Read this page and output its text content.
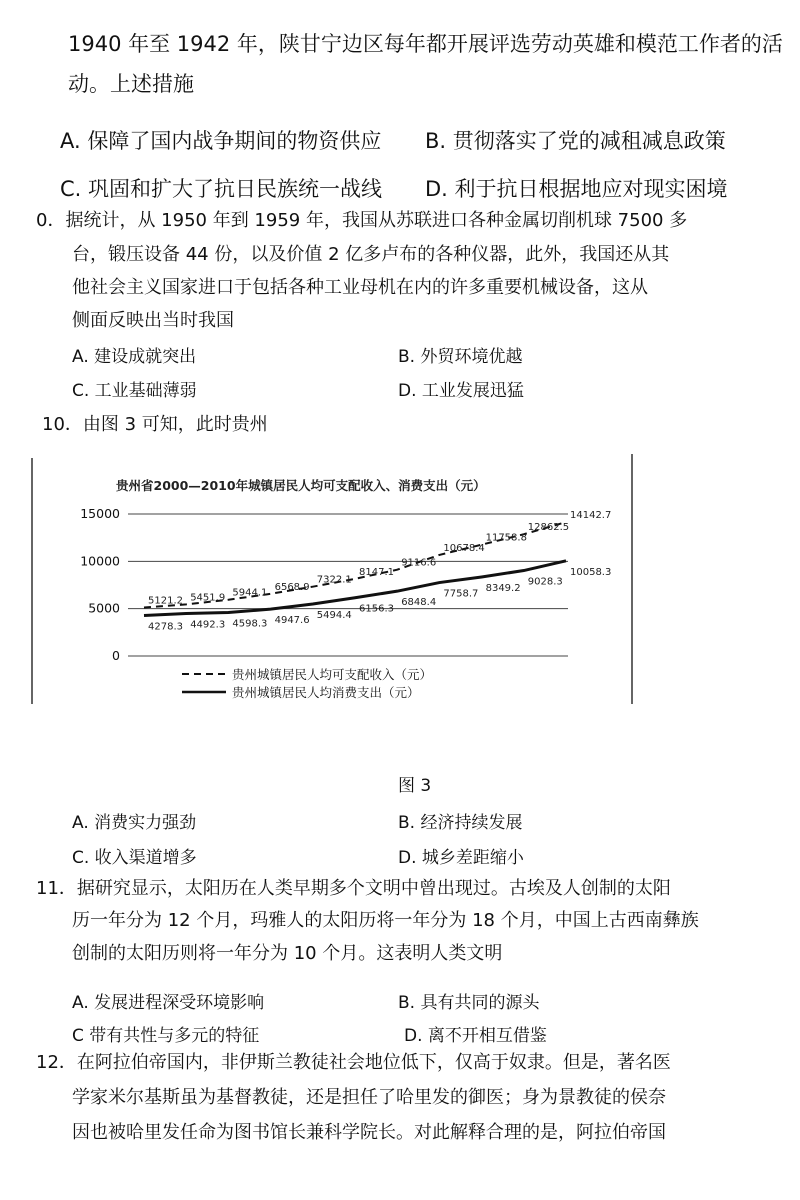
1940 年至 1942 年，陕甘宁边区每年都开展评选劳动英雄和模范工作者的活
动。上述措施
A. 保障了国内战争期间的物资供应 B. 贯彻落实了党的减租减息政策
C. 巩固和扩大了抗日民族统一战线 D. 利于抗日根据地应对现实困境
0．据统计，从 1950 年到 1959 年，我国从苏联进口各种金属切削机球 7500 多
台，锻压设备 44 份，以及价值 2 亿多卢布的各种仪器，此外，我国还从其
他社会主义国家进口于包括各种工业母机在内的许多重要机械设备，这从
侧面反映出当时我国
A. 建设成就突出	B. 外贸环境优越
C. 工业基础薄弱	D. 工业发展迅猛
10．由图 3 可知，此时贵州
贵州省2000—2010年城镇居民人均可支配收入、消费支出（元）
0
5000
10000
15000
5121.2 5451.9 5944.1
6568.9
7322.1
8147.1
9116.6
10678.4
11758.8
12862.5
14142.7
4278.3 4492.3 4598.3 4947.6 5494.4
6156.3
6848.4
7758.7
8349.2
9028.3
10058.3
贵州城镇居民人均可支配收入（元）
贵州城镇居民人均消费支出（元）
图 3
A. 消费实力强劲	B. 经济持续发展
C. 收入渠道增多	D. 城乡差距缩小
11．据研究显示，太阳历在人类早期多个文明中曾出现过。古埃及人创制的太阳
历一年分为 12 个月，玛雅人的太阳历将一年分为 18 个月，中国上古西南彝族
创制的太阳历则将一年分为 10 个月。这表明人类文明
A. 发展进程深受环境影响	B. 具有共同的源头
C 带有共性与多元的特征	D. 离不开相互借鉴
12．在阿拉伯帝国内，非伊斯兰教徒社会地位低下，仅高于奴隶。但是，著名医
学家米尔基斯虽为基督教徒，还是担任了哈里发的御医；身为景教徒的侯奈
因也被哈里发任命为图书馆长兼科学院长。对此解释合理的是，阿拉伯帝国
